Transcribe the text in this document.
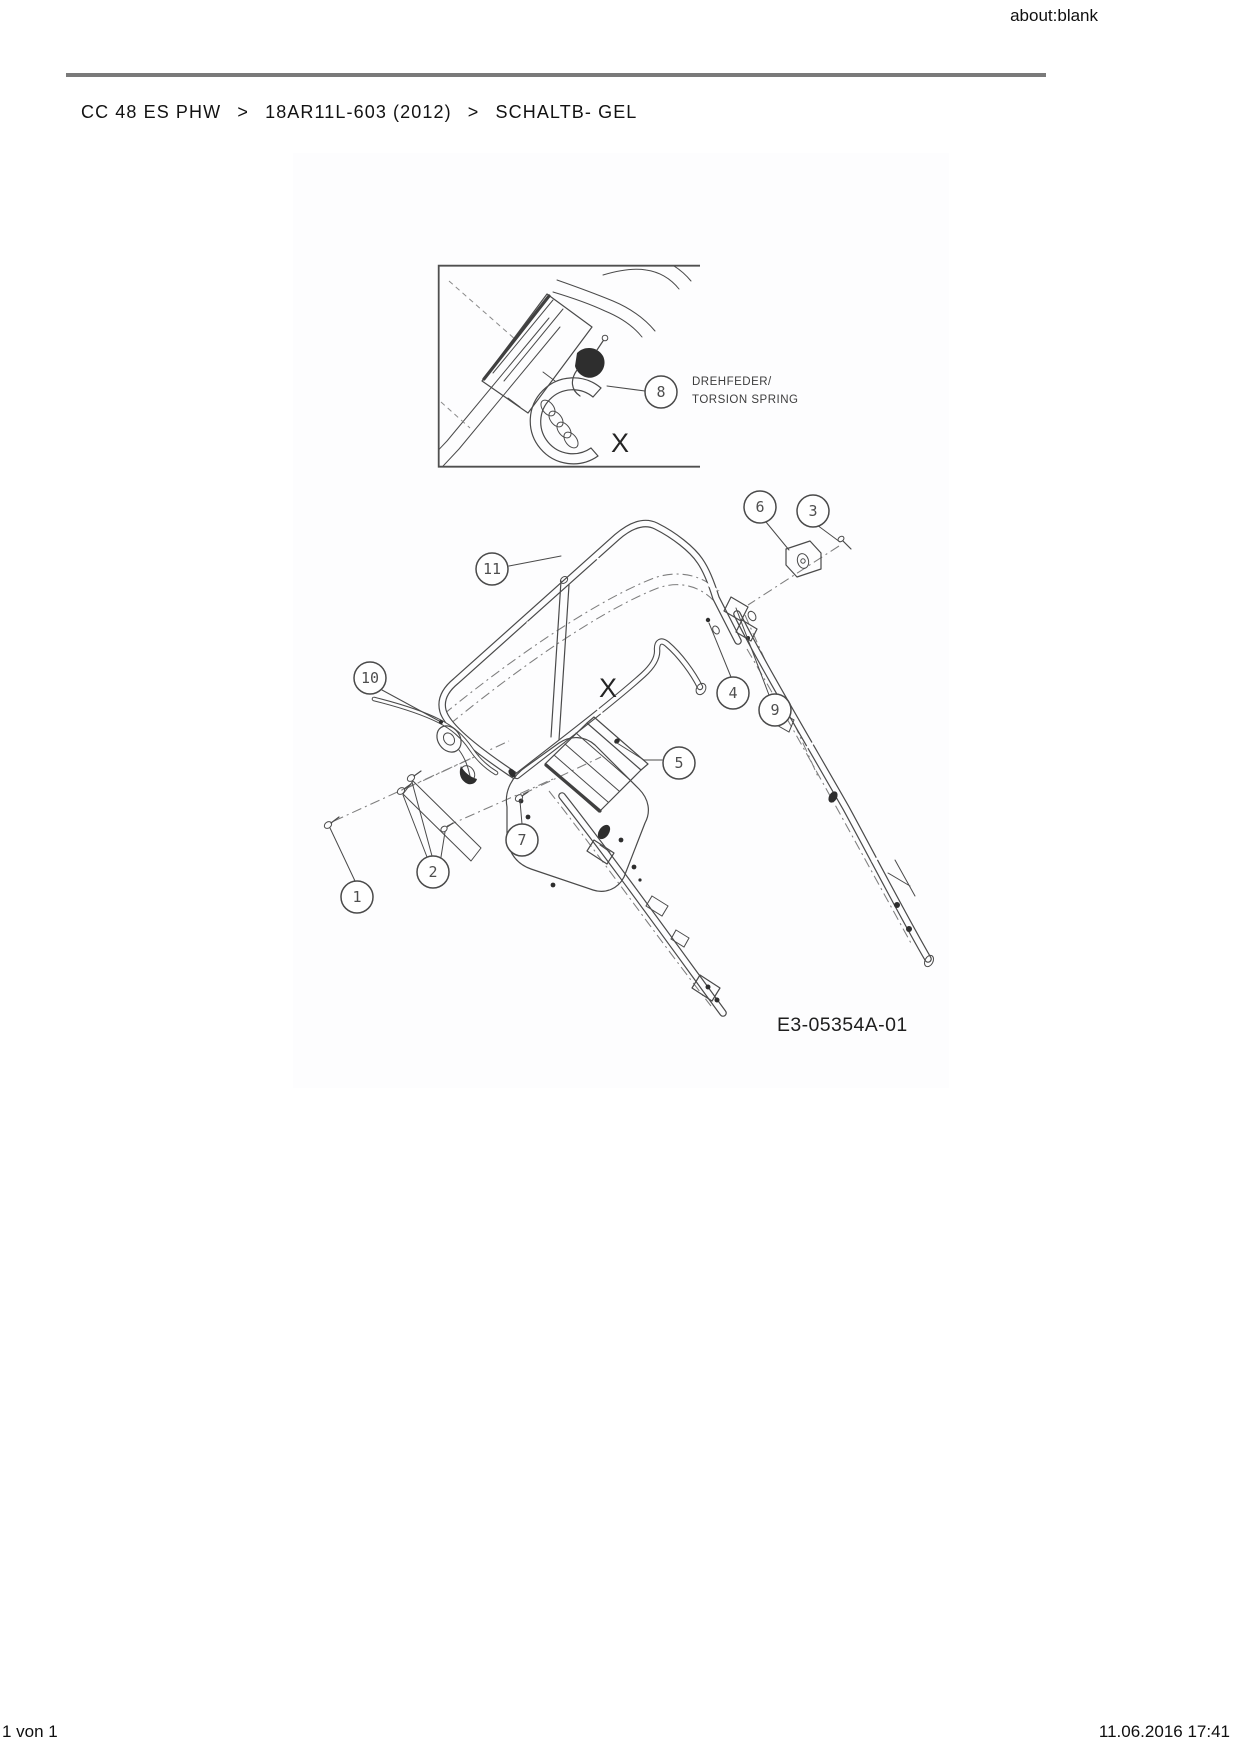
about:blank
CC 48 ES PHW > 18AR11L-603 (2012) > SCHALTB- GEL
8
DREHFEDER/
TORSION SPRING
X
6	3
11
10
4
9
5
7
2
1
X
E3-05354A-01
1 von 1	11.06.2016 17:41
